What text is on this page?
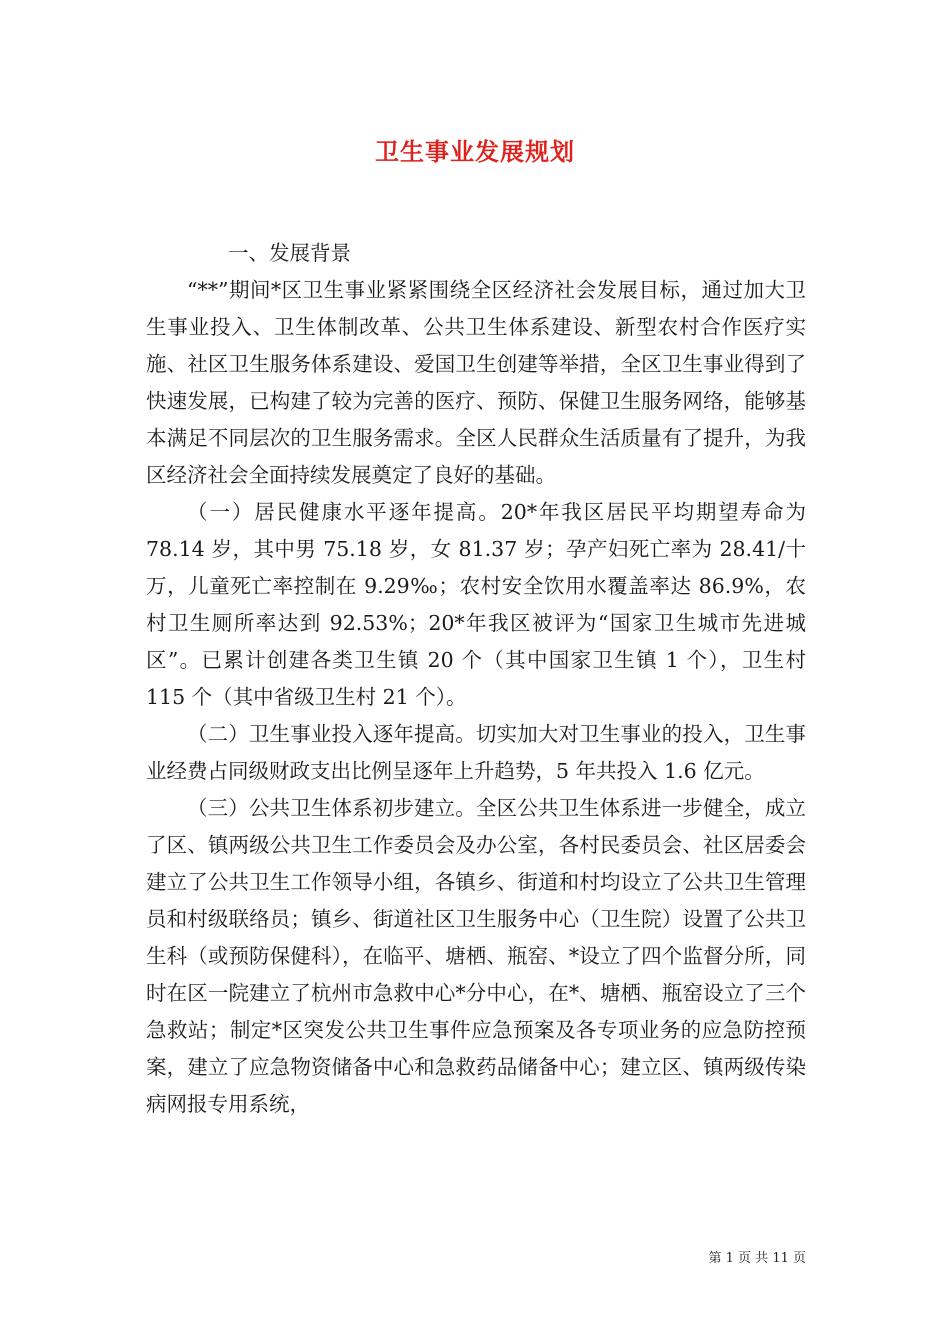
卫生事业发展规划

一、发展背景

“**”期间*区卫生事业紧紧围绕全区经济社会发展目标，通过加大卫生事业投入、卫生体制改革、公共卫生体系建设、新型农村合作医疗实施、社区卫生服务体系建设、爱国卫生创建等举措，全区卫生事业得到了快速发展，已构建了较为完善的医疗、预防、保健卫生服务网络，能够基本满足不同层次的卫生服务需求。全区人民群众生活质量有了提升，为我区经济社会全面持续发展奠定了良好的基础。

（一）居民健康水平逐年提高。20*年我区居民平均期望寿命为 78.14 岁，其中男 75.18 岁，女 81.37 岁；孕产妇死亡率为 28.41/十万，儿童死亡率控制在 9.29‰；农村安全饮用水覆盖率达 86.9%，农村卫生厕所率达到 92.53%；20*年我区被评为“国家卫生城市先进城区”。已累计创建各类卫生镇 20 个（其中国家卫生镇 1 个），卫生村 115 个（其中省级卫生村 21 个）。

（二）卫生事业投入逐年提高。切实加大对卫生事业的投入，卫生事业经费占同级财政支出比例呈逐年上升趋势，5 年共投入 1.6 亿元。

（三）公共卫生体系初步建立。全区公共卫生体系进一步健全，成立了区、镇两级公共卫生工作委员会及办公室，各村民委员会、社区居委会建立了公共卫生工作领导小组，各镇乡、街道和村均设立了公共卫生管理员和村级联络员；镇乡、街道社区卫生服务中心（卫生院）设置了公共卫生科（或预防保健科），在临平、塘栖、瓶窑、*设立了四个监督分所，同时在区一院建立了杭州市急救中心*分中心，在*、塘栖、瓶窑设立了三个急救站；制定*区突发公共卫生事件应急预案及各专项业务的应急防控预案，建立了应急物资储备中心和急救药品储备中心；建立区、镇两级传染病网报专用系统，

第 1 页 共 11 页
